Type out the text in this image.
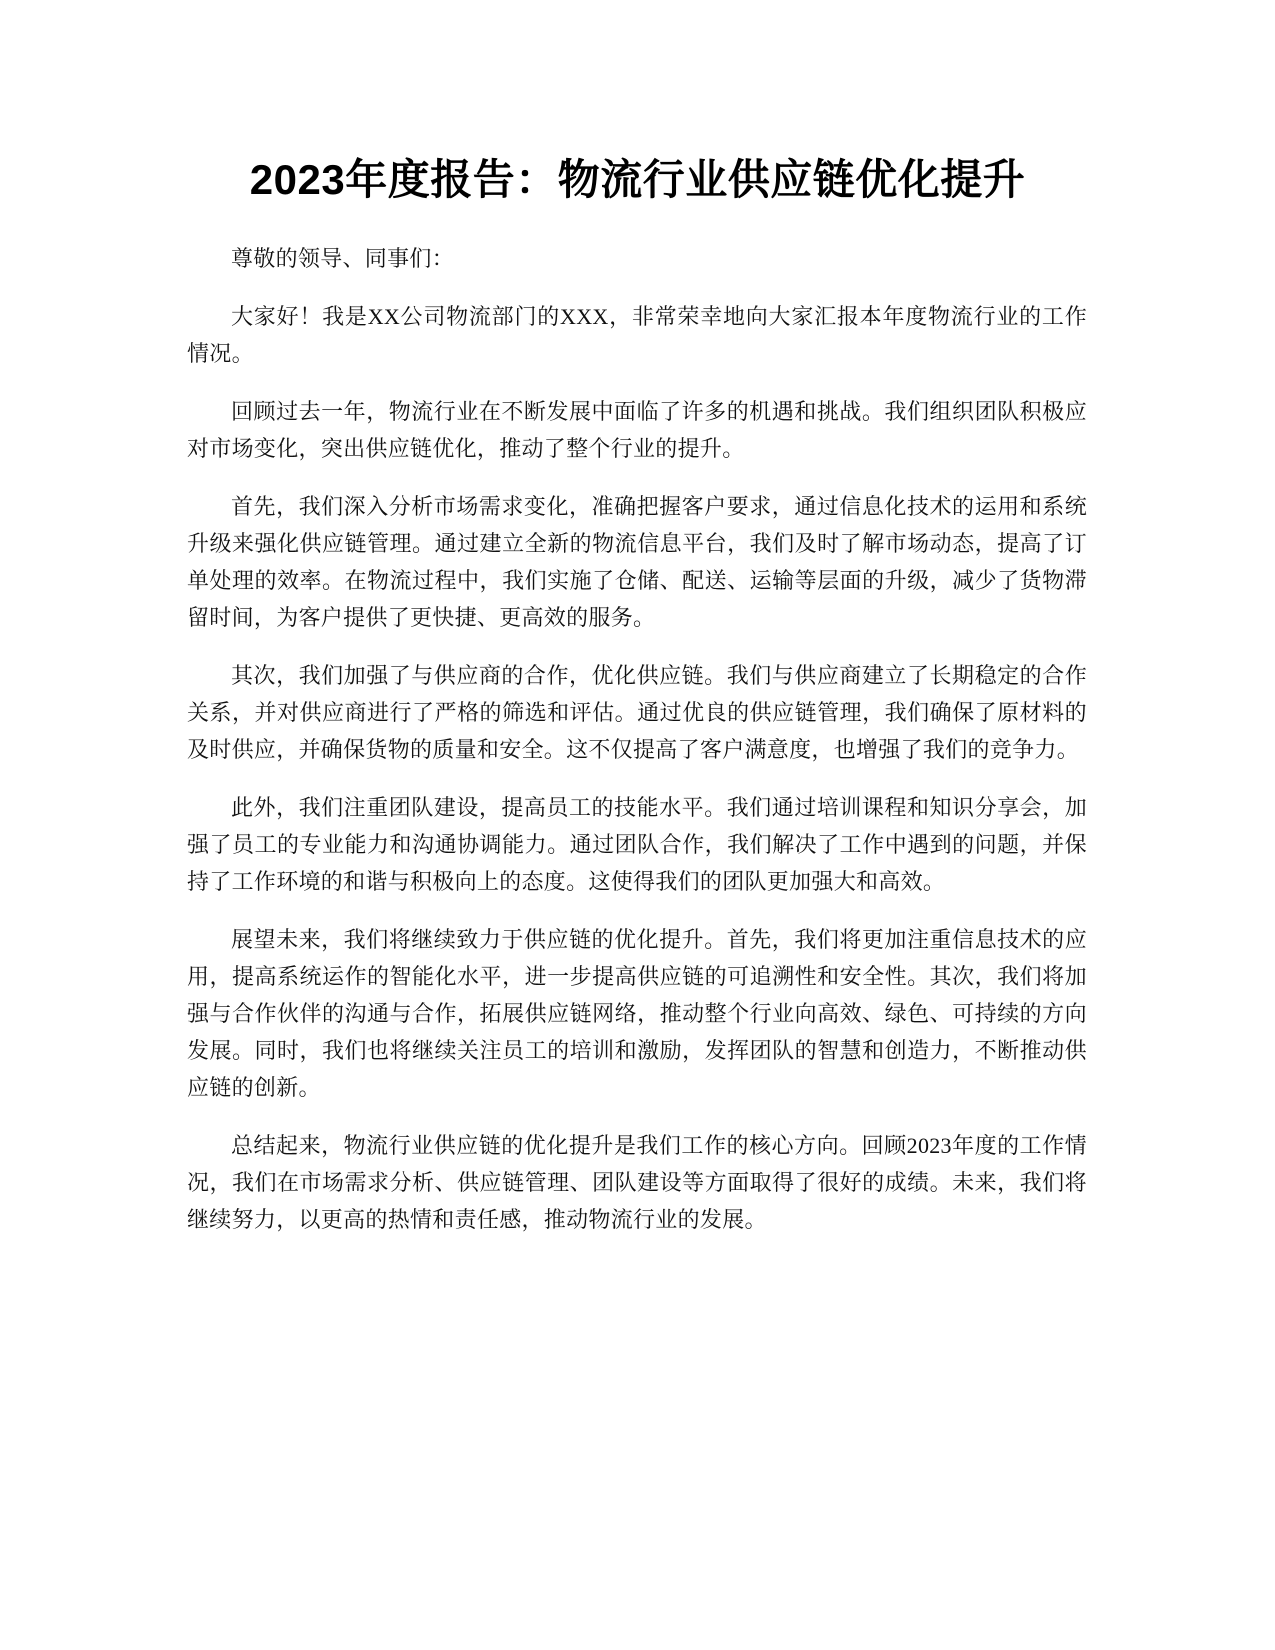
2023年度报告：物流行业供应链优化提升

尊敬的领导、同事们：

大家好！我是XX公司物流部门的XXX，非常荣幸地向大家汇报本年度物流行业的工作情况。

回顾过去一年，物流行业在不断发展中面临了许多的机遇和挑战。我们组织团队积极应对市场变化，突出供应链优化，推动了整个行业的提升。

首先，我们深入分析市场需求变化，准确把握客户要求，通过信息化技术的运用和系统升级来强化供应链管理。通过建立全新的物流信息平台，我们及时了解市场动态，提高了订单处理的效率。在物流过程中，我们实施了仓储、配送、运输等层面的升级，减少了货物滞留时间，为客户提供了更快捷、更高效的服务。

其次，我们加强了与供应商的合作，优化供应链。我们与供应商建立了长期稳定的合作关系，并对供应商进行了严格的筛选和评估。通过优良的供应链管理，我们确保了原材料的及时供应，并确保货物的质量和安全。这不仅提高了客户满意度，也增强了我们的竞争力。

此外，我们注重团队建设，提高员工的技能水平。我们通过培训课程和知识分享会，加强了员工的专业能力和沟通协调能力。通过团队合作，我们解决了工作中遇到的问题，并保持了工作环境的和谐与积极向上的态度。这使得我们的团队更加强大和高效。

展望未来，我们将继续致力于供应链的优化提升。首先，我们将更加注重信息技术的应用，提高系统运作的智能化水平，进一步提高供应链的可追溯性和安全性。其次，我们将加强与合作伙伴的沟通与合作，拓展供应链网络，推动整个行业向高效、绿色、可持续的方向发展。同时，我们也将继续关注员工的培训和激励，发挥团队的智慧和创造力，不断推动供应链的创新。

总结起来，物流行业供应链的优化提升是我们工作的核心方向。回顾2023年度的工作情况，我们在市场需求分析、供应链管理、团队建设等方面取得了很好的成绩。未来，我们将继续努力，以更高的热情和责任感，推动物流行业的发展。
